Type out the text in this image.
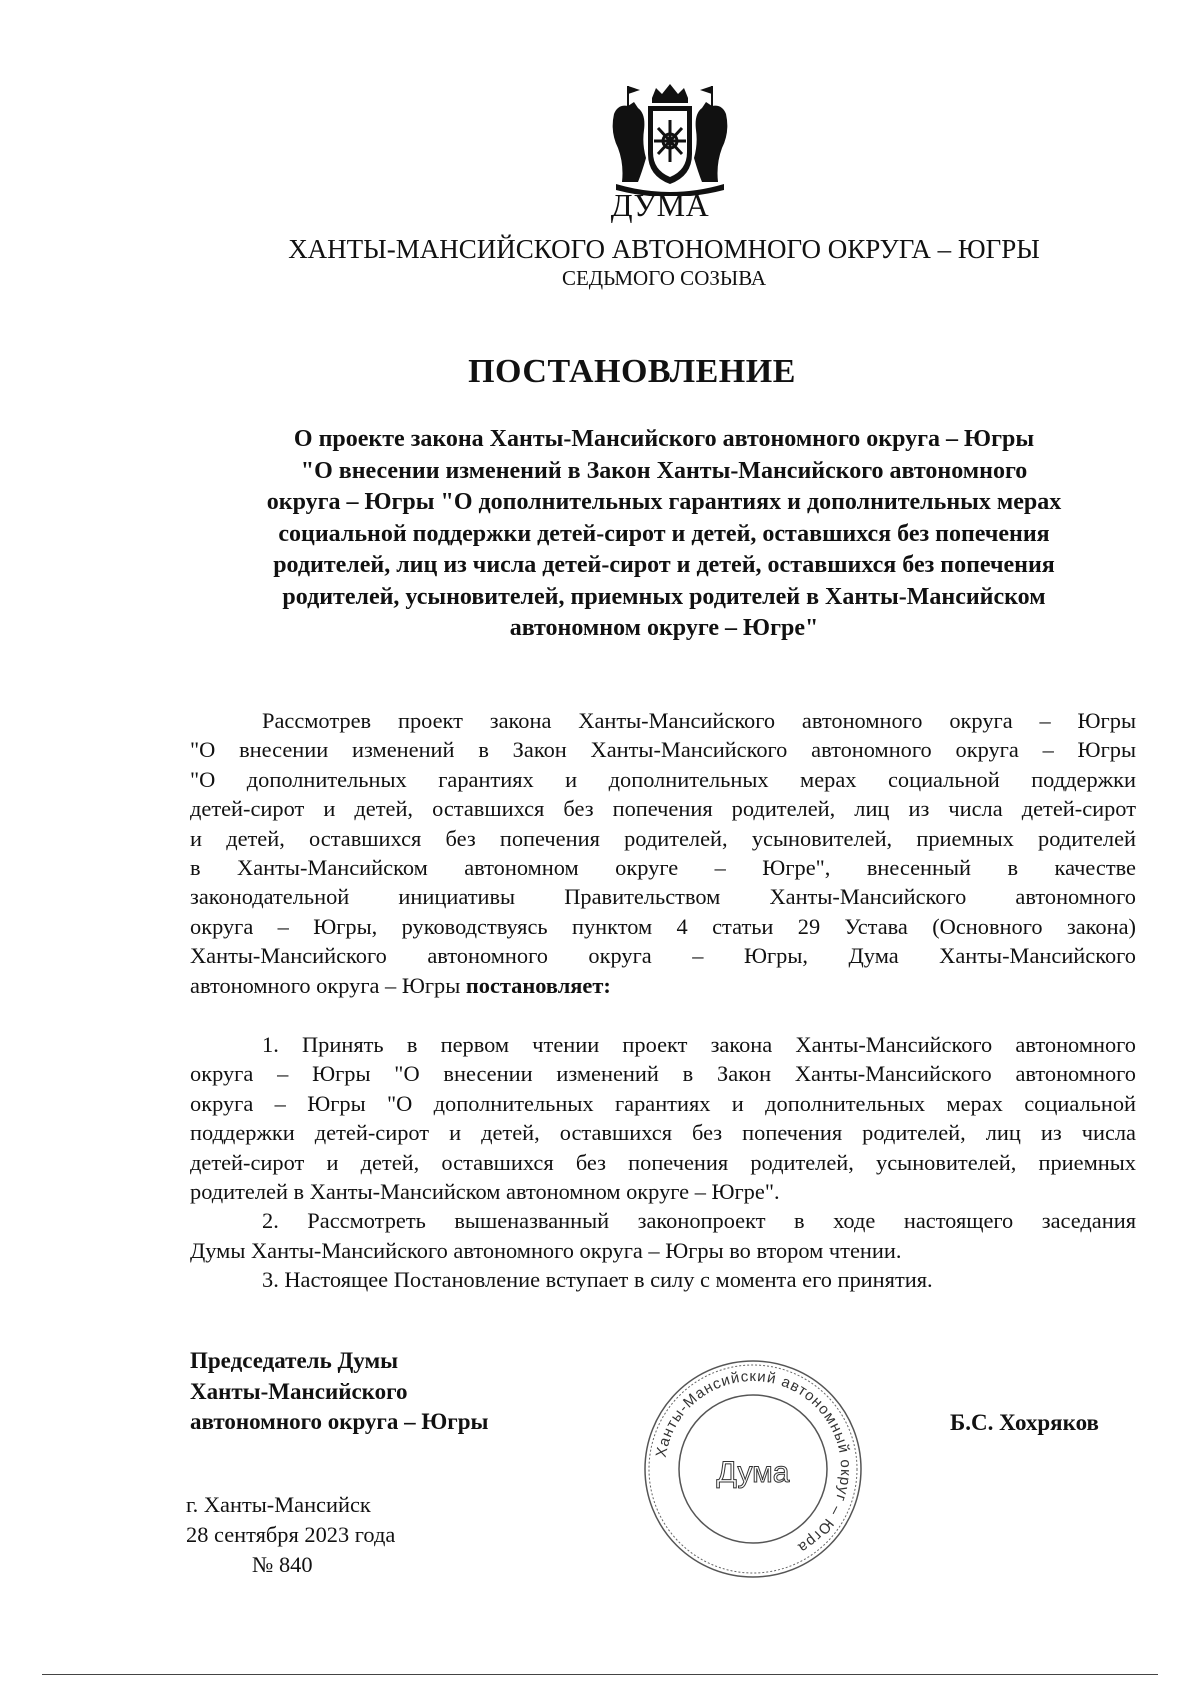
ДУМА
ХАНТЫ-МАНСИЙСКОГО АВТОНОМНОГО ОКРУГА – ЮГРЫ
СЕДЬМОГО СОЗЫВА
ПОСТАНОВЛЕНИЕ
О проекте закона Ханты-Мансийского автономного округа – Югры
"О внесении изменений в Закон Ханты-Мансийского автономного
округа – Югры "О дополнительных гарантиях и дополнительных мерах
социальной поддержки детей-сирот и детей, оставшихся без попечения
родителей, лиц из числа детей-сирот и детей, оставшихся без попечения
родителей, усыновителей, приемных родителей в Ханты-Мансийском
автономном округе – Югре"
Рассмотрев проект закона Ханты-Мансийского автономного округа – Югры
"О внесении изменений в Закон Ханты-Мансийского автономного округа – Югры
"О дополнительных гарантиях и дополнительных мерах социальной поддержки
детей-сирот и детей, оставшихся без попечения родителей, лиц из числа детей-сирот
и детей, оставшихся без попечения родителей, усыновителей, приемных родителей
в Ханты-Мансийском автономном округе – Югре", внесенный в качестве
законодательной инициативы Правительством Ханты-Мансийского автономного
округа – Югры, руководствуясь пунктом 4 статьи 29 Устава (Основного закона)
Ханты-Мансийского автономного округа – Югры, Дума Ханты-Мансийского
автономного округа – Югры постановляет:
1. Принять в первом чтении проект закона Ханты-Мансийского автономного
округа – Югры "О внесении изменений в Закон Ханты-Мансийского автономного
округа – Югры "О дополнительных гарантиях и дополнительных мерах социальной
поддержки детей-сирот и детей, оставшихся без попечения родителей, лиц из числа
детей-сирот и детей, оставшихся без попечения родителей, усыновителей, приемных
родителей в Ханты-Мансийском автономном округе – Югре".
2. Рассмотреть вышеназванный законопроект в ходе настоящего заседания
Думы Ханты-Мансийского автономного округа – Югры во втором чтении.
3. Настоящее Постановление вступает в силу с момента его принятия.
Председатель Думы
Ханты-Мансийского
автономного округа – Югры
Ханты-Мансийский автономный округ – Югра
Дума
Б.С. Хохряков
г. Ханты-Мансийск
28 сентября 2023 года
№ 840
